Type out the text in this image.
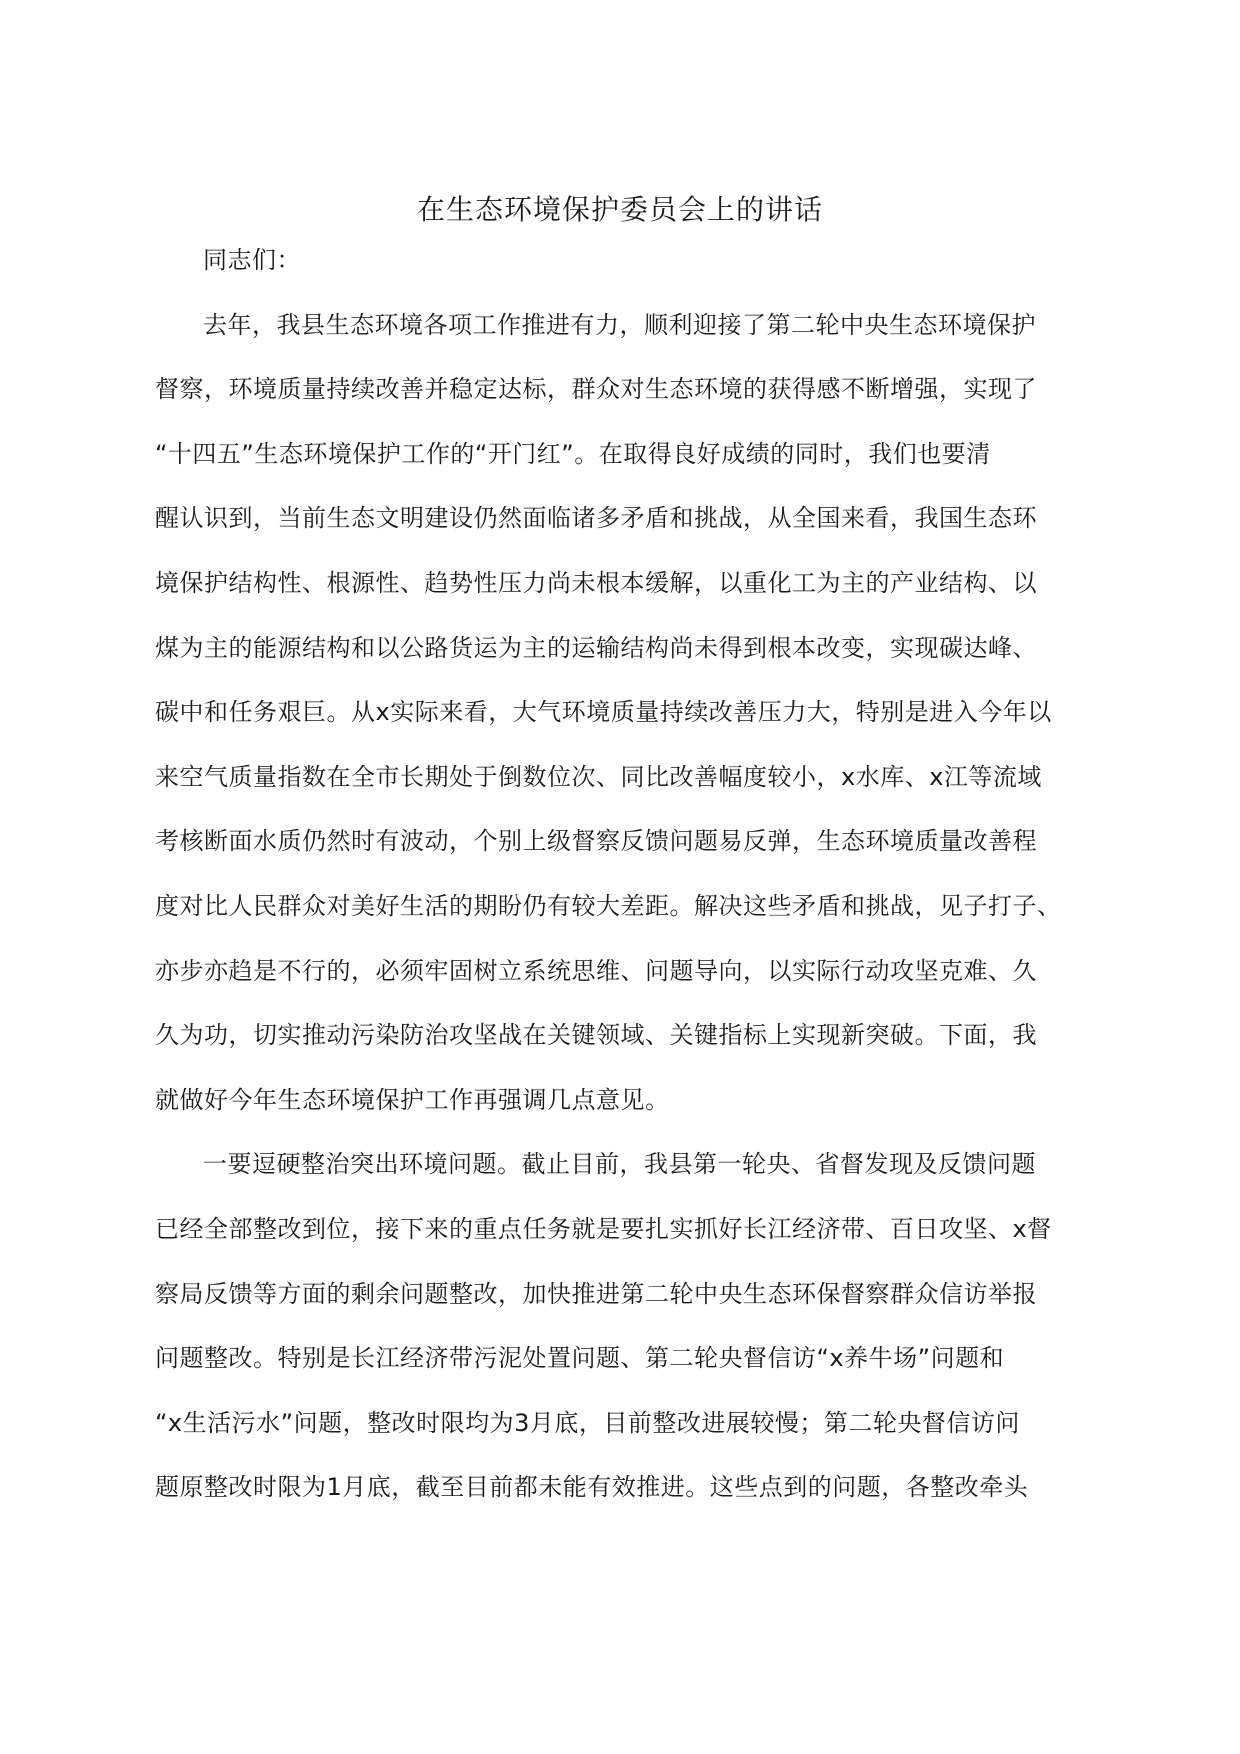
在生态环境保护委员会上的讲话
同志们：
去年，我县生态环境各项工作推进有力，顺利迎接了第二轮中央生态环境保护
督察，环境质量持续改善并稳定达标，群众对生态环境的获得感不断增强，实现了
“十四五”生态环境保护工作的“开门红”。在取得良好成绩的同时，我们也要清
醒认识到，当前生态文明建设仍然面临诸多矛盾和挑战，从全国来看，我国生态环
境保护结构性、根源性、趋势性压力尚未根本缓解，以重化工为主的产业结构、以
煤为主的能源结构和以公路货运为主的运输结构尚未得到根本改变，实现碳达峰、
碳中和任务艰巨。从x实际来看，大气环境质量持续改善压力大，特别是进入今年以
来空气质量指数在全市长期处于倒数位次、同比改善幅度较小，x水库、x江等流域
考核断面水质仍然时有波动，个别上级督察反馈问题易反弹，生态环境质量改善程
度对比人民群众对美好生活的期盼仍有较大差距。解决这些矛盾和挑战，见子打子、
亦步亦趋是不行的，必须牢固树立系统思维、问题导向，以实际行动攻坚克难、久
久为功，切实推动污染防治攻坚战在关键领域、关键指标上实现新突破。下面，我
就做好今年生态环境保护工作再强调几点意见。
一要逗硬整治突出环境问题。截止目前，我县第一轮央、省督发现及反馈问题
已经全部整改到位，接下来的重点任务就是要扎实抓好长江经济带、百日攻坚、x督
察局反馈等方面的剩余问题整改，加快推进第二轮中央生态环保督察群众信访举报
问题整改。特别是长江经济带污泥处置问题、第二轮央督信访“x养牛场”问题和
“x生活污水”问题，整改时限均为3月底，目前整改进展较慢；第二轮央督信访问
题原整改时限为1月底，截至目前都未能有效推进。这些点到的问题，各整改牵头
